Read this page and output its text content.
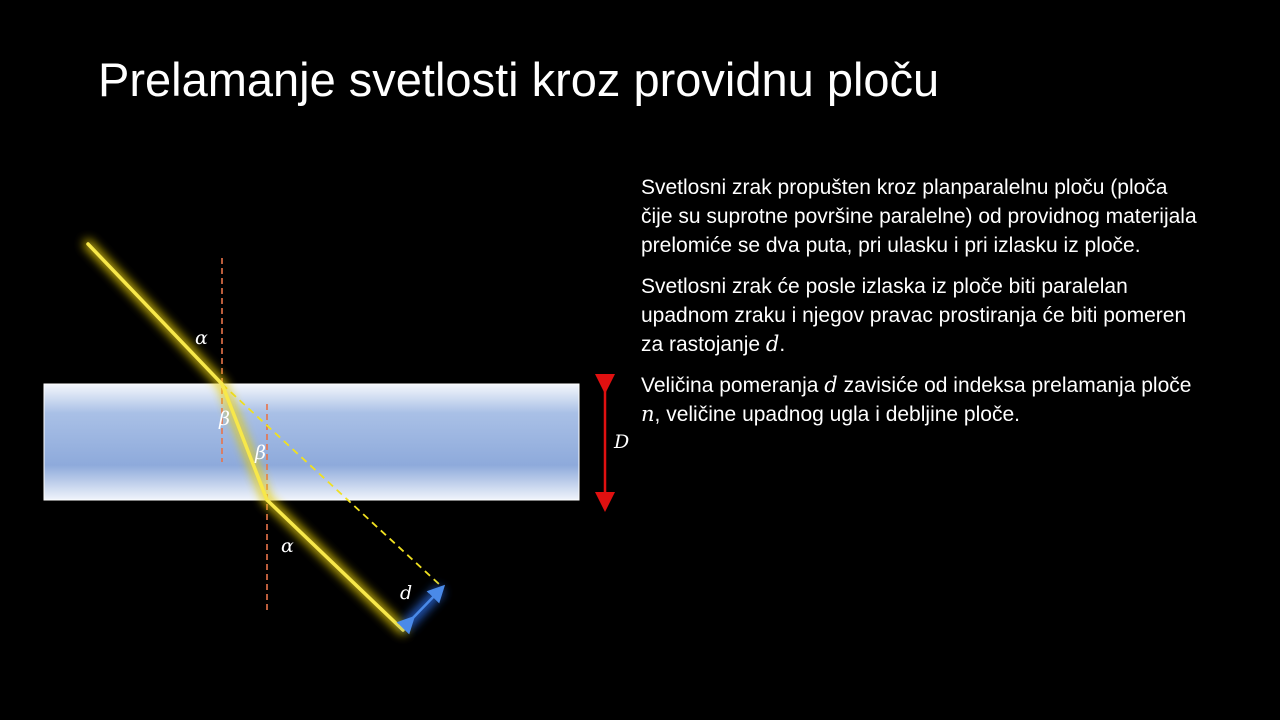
Prelamanje svetlosti kroz providnu ploču
α
β
β
α
d
D

Svetlosni zrak propušten kroz planparalelnu ploču (ploča čije su suprotne površine paralelne) od providnog materijala prelomiće se dva puta, pri ulasku i pri izlasku iz ploče.

Svetlosni zrak će posle izlaska iz ploče biti paralelan upadnom zraku i njegov pravac prostiranja će biti pomeren za rastojanje d.

Veličina pomeranja d zavisiće od indeksa prelamanja ploče n, veličine upadnog ugla i debljine ploče.
